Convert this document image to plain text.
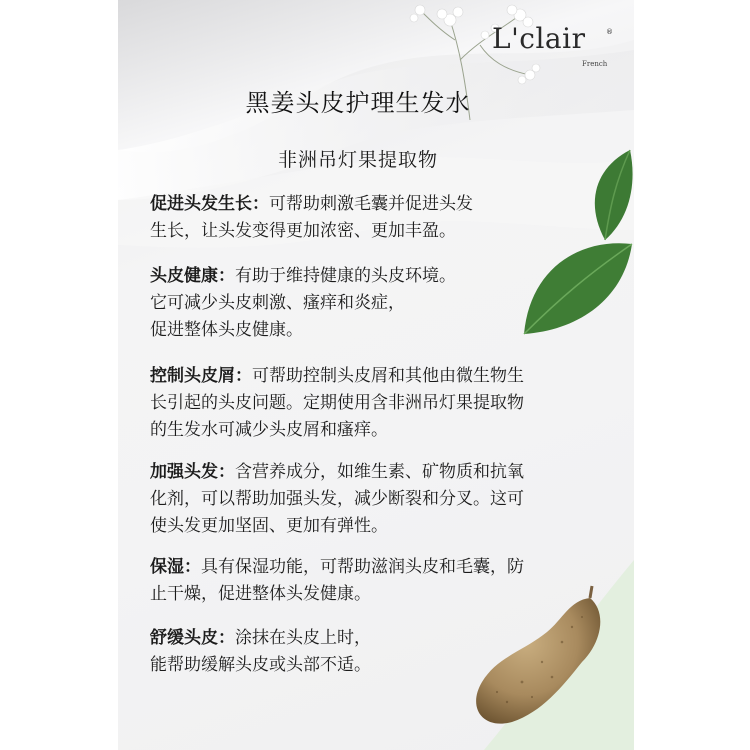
L'clair	®
French
黑姜头皮护理生发水
非洲吊灯果提取物
促进头发生长：可帮助刺激毛囊并促进头发
生长，让头发变得更加浓密、更加丰盈。
头皮健康：有助于维持健康的头皮环境。
它可减少头皮刺激、瘙痒和炎症，
促进整体头皮健康。
控制头皮屑：可帮助控制头皮屑和其他由微生物生
长引起的头皮问题。定期使用含非洲吊灯果提取物
的生发水可减少头皮屑和瘙痒。
加强头发：含营养成分，如维生素、矿物质和抗氧
化剂，可以帮助加强头发，减少断裂和分叉。这可
使头发更加坚固、更加有弹性。
保湿：具有保湿功能，可帮助滋润头皮和毛囊，防
止干燥，促进整体头发健康。
舒缓头皮：涂抹在头皮上时，
能帮助缓解头皮或头部不适。
